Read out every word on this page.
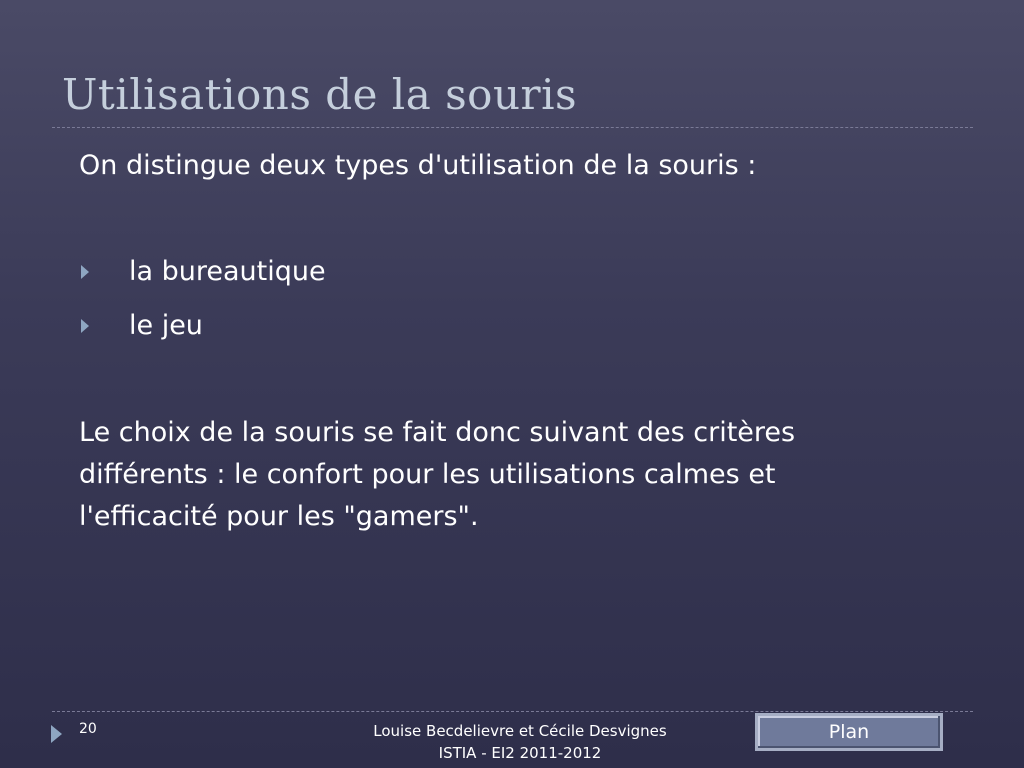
Utilisations de la souris

On distingue deux types d'utilisation de la souris :

la bureautique
le jeu

Le choix de la souris se fait donc suivant des critères différents : le confort pour les utilisations calmes et l'efficacité pour les "gamers".

20	Louise Becdelievre et Cécile Desvignes
ISTIA - EI2 2011-2012
Plan
